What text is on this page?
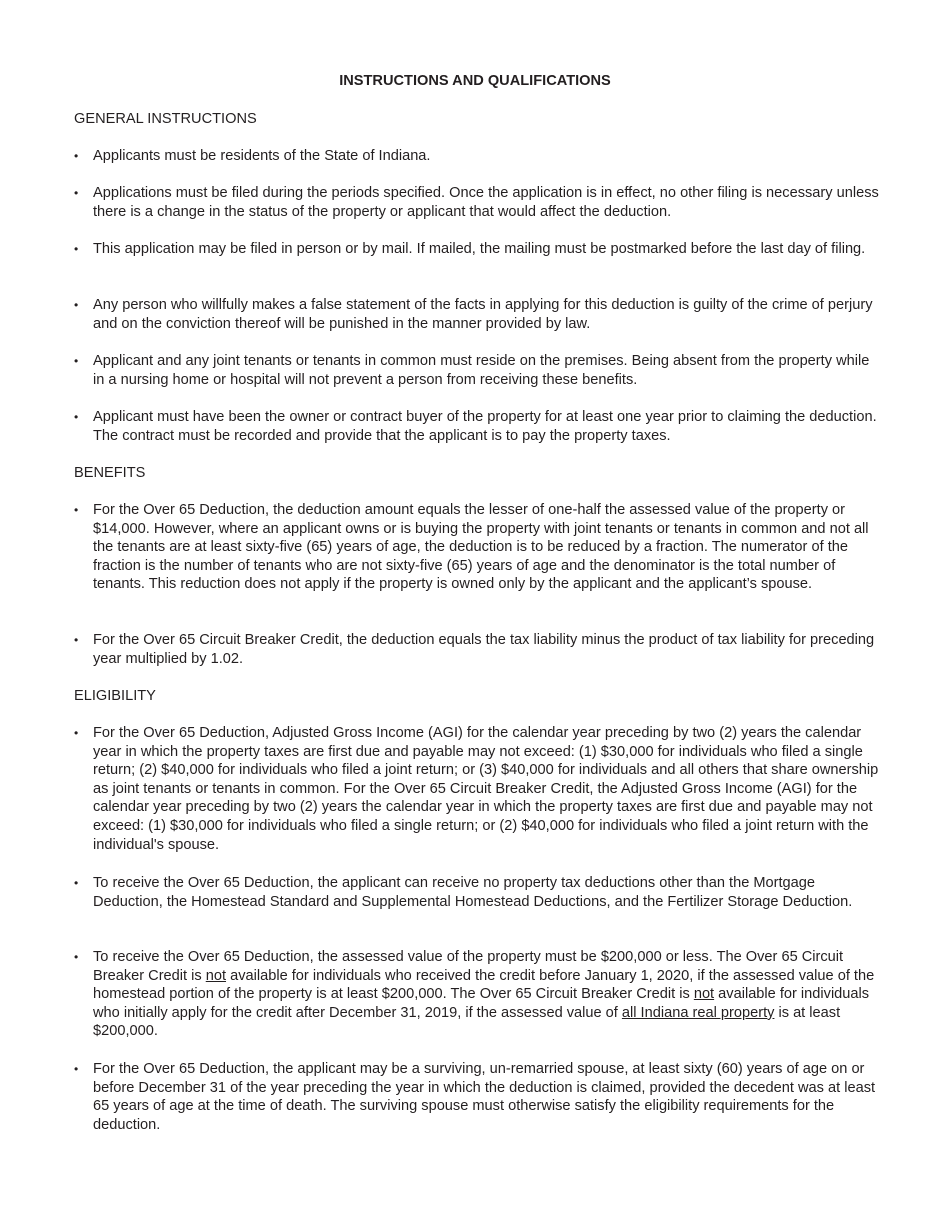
INSTRUCTIONS AND QUALIFICATIONS
GENERAL INSTRUCTIONS
•	Applicants must be residents of the State of Indiana.
•	Applications must be filed during the periods specified. Once the application is in effect, no other filing is necessary unless there is a change in the status of the property or applicant that would affect the deduction.
•	This application may be filed in person or by mail. If mailed, the mailing must be postmarked before the last day of filing.
•	Any person who willfully makes a false statement of the facts in applying for this deduction is guilty of the crime of perjury and on the conviction thereof will be punished in the manner provided by law.
•	Applicant and any joint tenants or tenants in common must reside on the premises. Being absent from the property while in a nursing home or hospital will not prevent a person from receiving these benefits.
•	Applicant must have been the owner or contract buyer of the property for at least one year prior to claiming the deduction. The contract must be recorded and provide that the applicant is to pay the property taxes.
BENEFITS
•	For the Over 65 Deduction, the deduction amount equals the lesser of one-half the assessed value of the property or $14,000. However, where an applicant owns or is buying the property with joint tenants or tenants in common and not all the tenants are at least sixty-five (65) years of age, the deduction is to be reduced by a fraction. The numerator of the fraction is the number of tenants who are not sixty-five (65) years of age and the denominator is the total number of tenants. This reduction does not apply if the property is owned only by the applicant and the applicant’s spouse.
•	For the Over 65 Circuit Breaker Credit, the deduction equals the tax liability minus the product of tax liability for preceding year multiplied by 1.02.
ELIGIBILITY
•	For the Over 65 Deduction, Adjusted Gross Income (AGI) for the calendar year preceding by two (2) years the calendar year in which the property taxes are first due and payable may not exceed: (1) $30,000 for individuals who filed a single return; (2) $40,000 for individuals who filed a joint return; or (3) $40,000 for individuals and all others that share ownership as joint tenants or tenants in common. For the Over 65 Circuit Breaker Credit, the Adjusted Gross Income (AGI) for the calendar year preceding by two (2) years the calendar year in which the property taxes are first due and payable may not exceed: (1) $30,000 for individuals who filed a single return; or (2) $40,000 for individuals who filed a joint return with the individual's spouse.
•	To receive the Over 65 Deduction, the applicant can receive no property tax deductions other than the Mortgage Deduction, the Homestead Standard and Supplemental Homestead Deductions, and the Fertilizer Storage Deduction.
•	To receive the Over 65 Deduction, the assessed value of the property must be $200,000 or less. The Over 65 Circuit Breaker Credit is not available for individuals who received the credit before January 1, 2020, if the assessed value of the homestead portion of the property is at least $200,000. The Over 65 Circuit Breaker Credit is not available for individuals who initially apply for the credit after December 31, 2019, if the assessed value of all Indiana real property is at least $200,000.
•	For the Over 65 Deduction, the applicant may be a surviving, un-remarried spouse, at least sixty (60) years of age on or before December 31 of the year preceding the year in which the deduction is claimed, provided the decedent was at least 65 years of age at the time of death. The surviving spouse must otherwise satisfy the eligibility requirements for the deduction.
